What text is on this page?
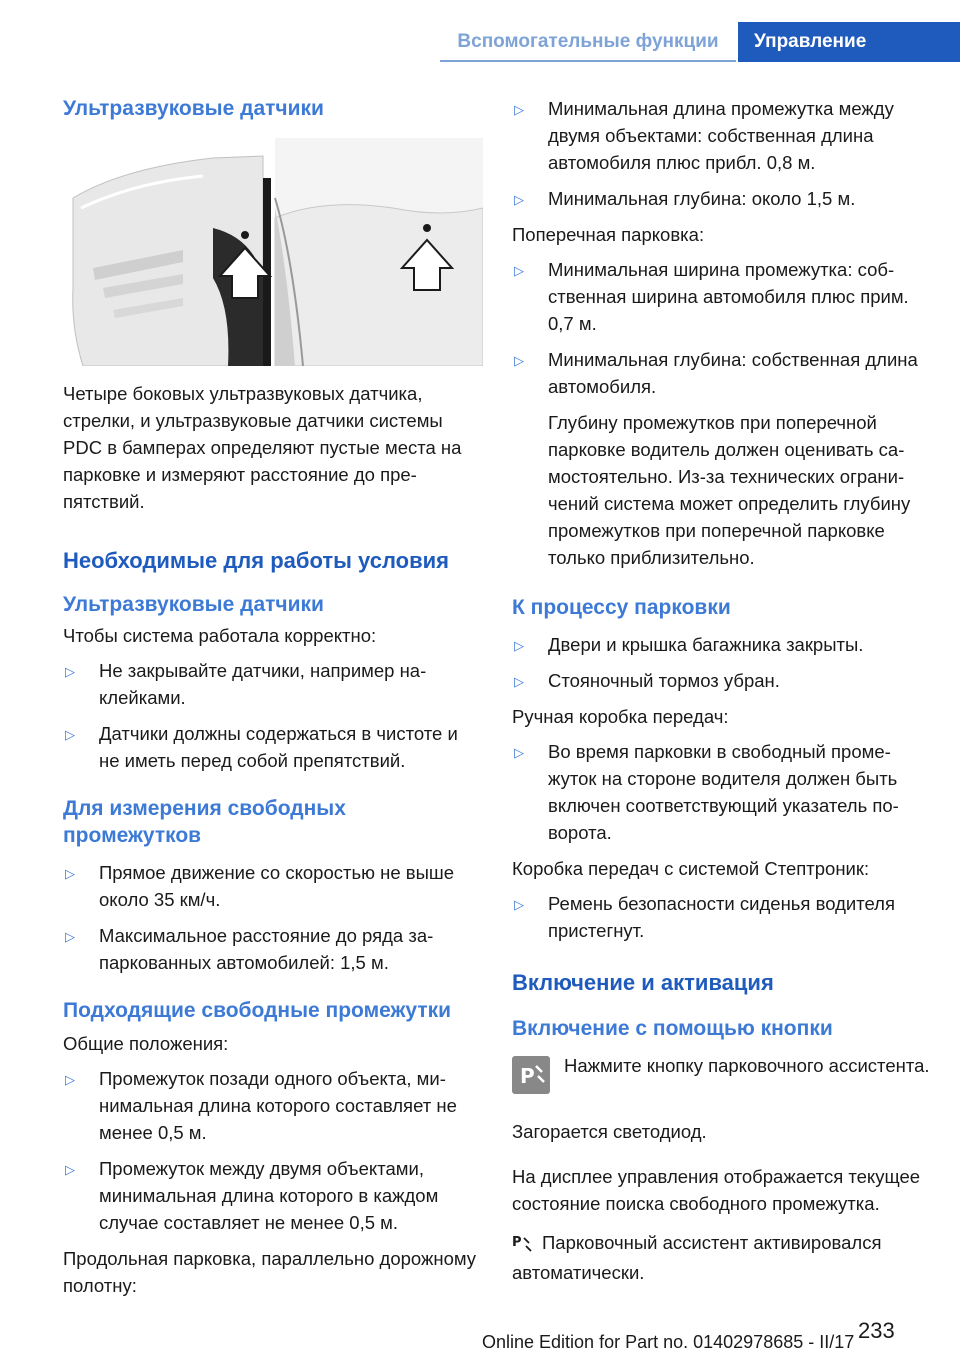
Вспомогательные функции	Управление
Ультразвуковые датчики
Четыре боковых ультразвуковых датчика, стрелки, и ультразвуковые датчики системы PDC в бамперах определяют пустые места на парковке и измеряют расстояние до препятствий.
Необходимые для работы условия
Ультразвуковые датчики
Чтобы система работала корректно:
▷ Не закрывайте датчики, например наклейками.
▷ Датчики должны содержаться в чистоте и не иметь перед собой препятствий.
Для измерения свободных промежутков
▷ Прямое движение со скоростью не выше около 35 км/ч.
▷ Максимальное расстояние до ряда запаркованных автомобилей: 1,5 м.
Подходящие свободные промежутки
Общие положения:
▷ Промежуток позади одного объекта, минимальная длина которого составляет не менее 0,5 м.
▷ Промежуток между двумя объектами, минимальная длина которого в каждом случае составляет не менее 0,5 м.
Продольная парковка, параллельно дорожному полотну:
▷ Минимальная длина промежутка между двумя объектами: собственная длина автомобиля плюс прибл. 0,8 м.
▷ Минимальная глубина: около 1,5 м.
Поперечная парковка:
▷ Минимальная ширина промежутка: собственная ширина автомобиля плюс прим. 0,7 м.
▷ Минимальная глубина: собственная длина автомобиля.
Глубину промежутков при поперечной парковке водитель должен оценивать самостоятельно. Из-за технических ограничений система может определить глубину промежутков при поперечной парковке только приблизительно.
К процессу парковки
▷ Двери и крышка багажника закрыты.
▷ Стояночный тормоз убран.
Ручная коробка передач:
▷ Во время парковки в свободный промежуток на стороне водителя должен быть включен соответствующий указатель поворота.
Коробка передач с системой Стептроник:
▷ Ремень безопасности сиденья водителя пристегнут.
Включение и активация
Включение с помощью кнопки
P Нажмите кнопку парковочного ассистента.
Загорается светодиод.
На дисплее управления отображается текущее состояние поиска свободного промежутка.
P Парковочный ассистент активировался автоматически.
233
Online Edition for Part no. 01402978685 - II/17
